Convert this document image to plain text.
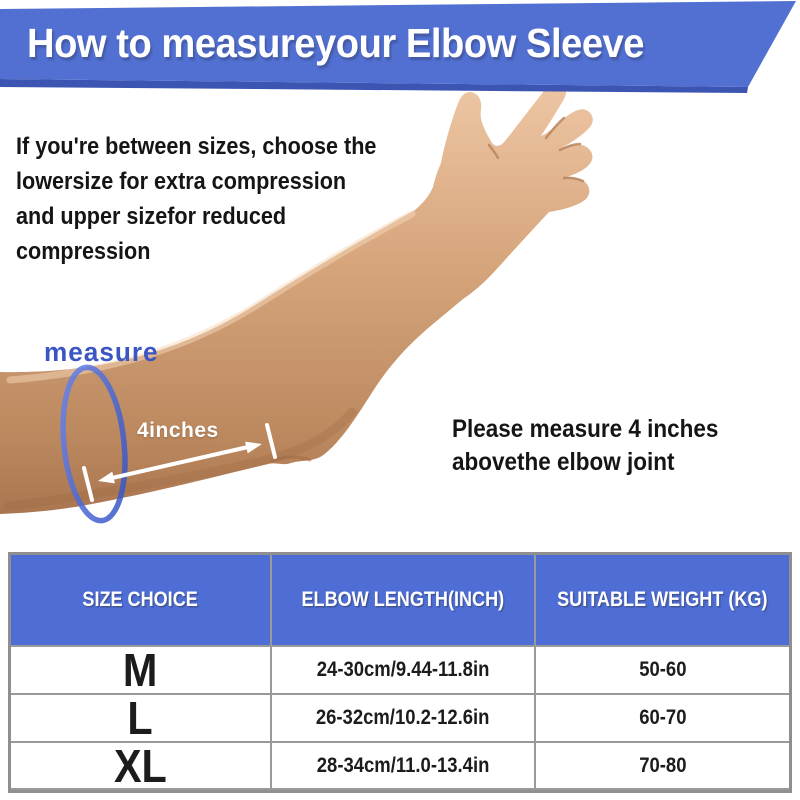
How to measureyour Elbow Sleeve
If you're between sizes, choose the
lowersize for extra compression
and upper sizefor reduced
compression
measure
4inches	Please measure 4 inches
abovethe elbow joint
SIZE CHOICE	ELBOW LENGTH(INCH)	SUITABLE WEIGHT (KG)
M	24-30cm/9.44-11.8in	50-60
L	26-32cm/10.2-12.6in	60-70
XL	28-34cm/11.0-13.4in	70-80
